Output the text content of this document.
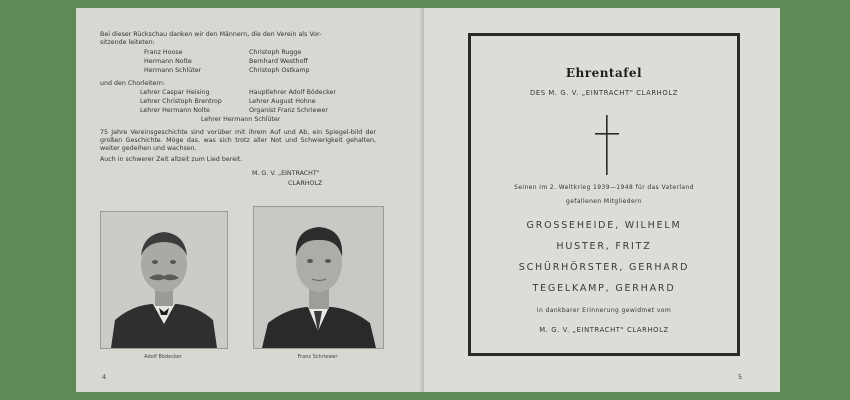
Bei dieser Rückschau danken wir den Männern, die den Verein als Vor-
sitzende leiteten:
Franz Hoose
Hermann Nolte
Hermann Schlüter
Christoph Rugge
Bernhard Westhoff
Christoph Ostkamp
und den Chorleitern:
Lehrer Caspar Heising
Lehrer Christoph Brentrop
Lehrer Hermann Nolte
Hauptlehrer Adolf Bödecker
Lehrer August Hohne
Organist Franz Schriewer
Lehrer Hermann Schlüter
75 Jahre Vereinsgeschichte sind vorüber mit ihrem Auf und Ab, ein Spiegel-bild der großen Geschichte. Möge das, was sich trotz aller Not und Schwierigkeit gehalten, weiter gedeihen und wachsen.
Auch in schwerer Zeit allzeit zum Lied bereit.
M. G. V. „EINTRACHT"
CLARHOLZ
Adolf Bödecker	Franz Schriewer
4
Ehrentafel
DES M. G. V. „EINTRACHT" CLARHOLZ
Seinen im 2. Weltkrieg 1939—1948 für das Vaterland
gefallenen Mitgliedern
GROSSEHEIDE, WILHELM
HUSTER, FRITZ
SCHÜRHÖRSTER, GERHARD
TEGELKAMP, GERHARD
in dankbarer Erinnerung gewidmet vom
M. G. V. „EINTRACHT" CLARHOLZ
5
